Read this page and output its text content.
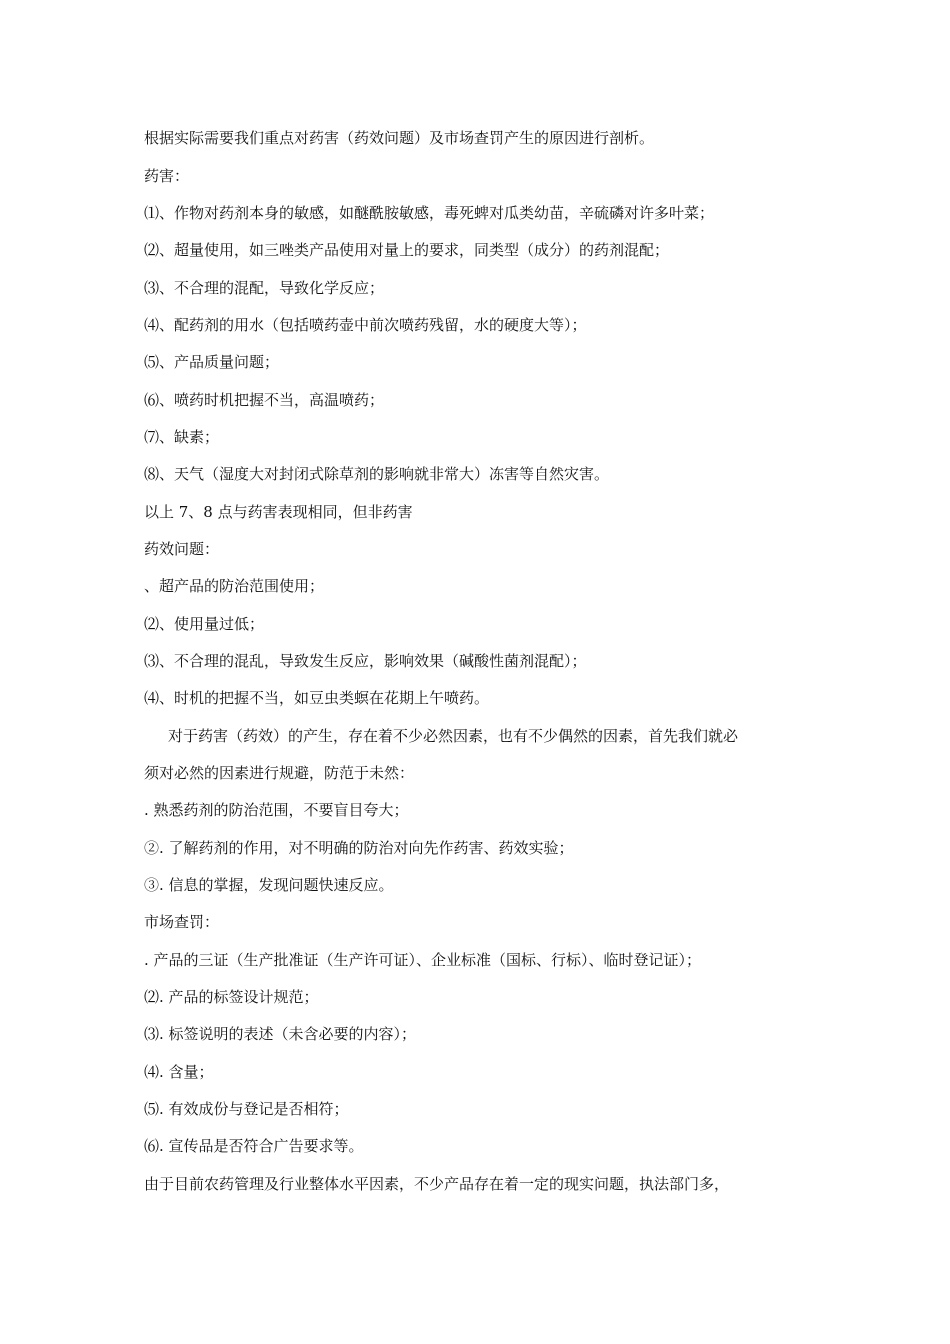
根据实际需要我们重点对药害（药效问题）及市场查罚产生的原因进行剖析。
药害：
⑴、作物对药剂本身的敏感，如醚酰胺敏感，毒死蜱对瓜类幼苗，辛硫磷对许多叶菜；
⑵、超量使用，如三唑类产品使用对量上的要求，同类型（成分）的药剂混配；
⑶、不合理的混配，导致化学反应；
⑷、配药剂的用水（包括喷药壶中前次喷药残留，水的硬度大等）；
⑸、产品质量问题；
⑹、喷药时机把握不当，高温喷药；
⑺、缺素；
⑻、天气（湿度大对封闭式除草剂的影响就非常大）冻害等自然灾害。
以上 7、8 点与药害表现相同，但非药害
药效问题：
、超产品的防治范围使用；
⑵、使用量过低；
⑶、不合理的混乱，导致发生反应，影响效果（碱酸性菌剂混配）；
⑷、时机的把握不当，如豆虫类螟在花期上午喷药。
对于药害（药效）的产生，存在着不少必然因素，也有不少偶然的因素，首先我们就必
须对必然的因素进行规避，防范于未然：
. 熟悉药剂的防治范围，不要盲目夸大；
②. 了解药剂的作用，对不明确的防治对向先作药害、药效实验；
③. 信息的掌握，发现问题快速反应。
市场查罚：
. 产品的三证（生产批准证（生产许可证）、企业标准（国标、行标）、临时登记证）；
⑵. 产品的标签设计规范；
⑶. 标签说明的表述（未含必要的内容）；
⑷. 含量；
⑸. 有效成份与登记是否相符；
⑹. 宣传品是否符合广告要求等。
由于目前农药管理及行业整体水平因素，不少产品存在着一定的现实问题，执法部门多，
